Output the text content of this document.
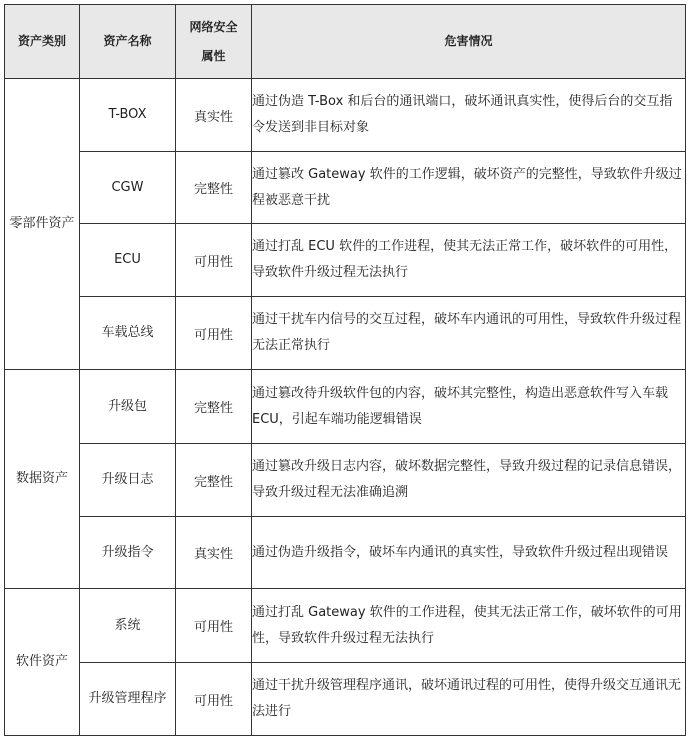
资产类别	资产名称	网络安全属性	危害情况
零部件资产	T-BOX	真实性	通过伪造 T-Box 和后台的通讯端口，破坏通讯真实性，使得后台的交互指令发送到非目标对象
	CGW	完整性	通过篡改 Gateway 软件的工作逻辑，破坏资产的完整性，导致软件升级过程被恶意干扰
	ECU	可用性	通过打乱 ECU 软件的工作进程，使其无法正常工作，破坏软件的可用性，导致软件升级过程无法执行
	车载总线	可用性	通过干扰车内信号的交互过程，破坏车内通讯的可用性，导致软件升级过程无法正常执行
数据资产	升级包	完整性	通过篡改待升级软件包的内容，破坏其完整性，构造出恶意软件写入车载 ECU，引起车端功能逻辑错误
	升级日志	完整性	通过篡改升级日志内容，破坏数据完整性，导致升级过程的记录信息错误，导致升级过程无法准确追溯
	升级指令	真实性	通过伪造升级指令，破坏车内通讯的真实性，导致软件升级过程出现错误
软件资产	系统	可用性	通过打乱 Gateway 软件的工作进程，使其无法正常工作，破坏软件的可用性，导致软件升级过程无法执行
	升级管理程序	可用性	通过干扰升级管理程序通讯，破坏通讯过程的可用性，使得升级交互通讯无法进行
